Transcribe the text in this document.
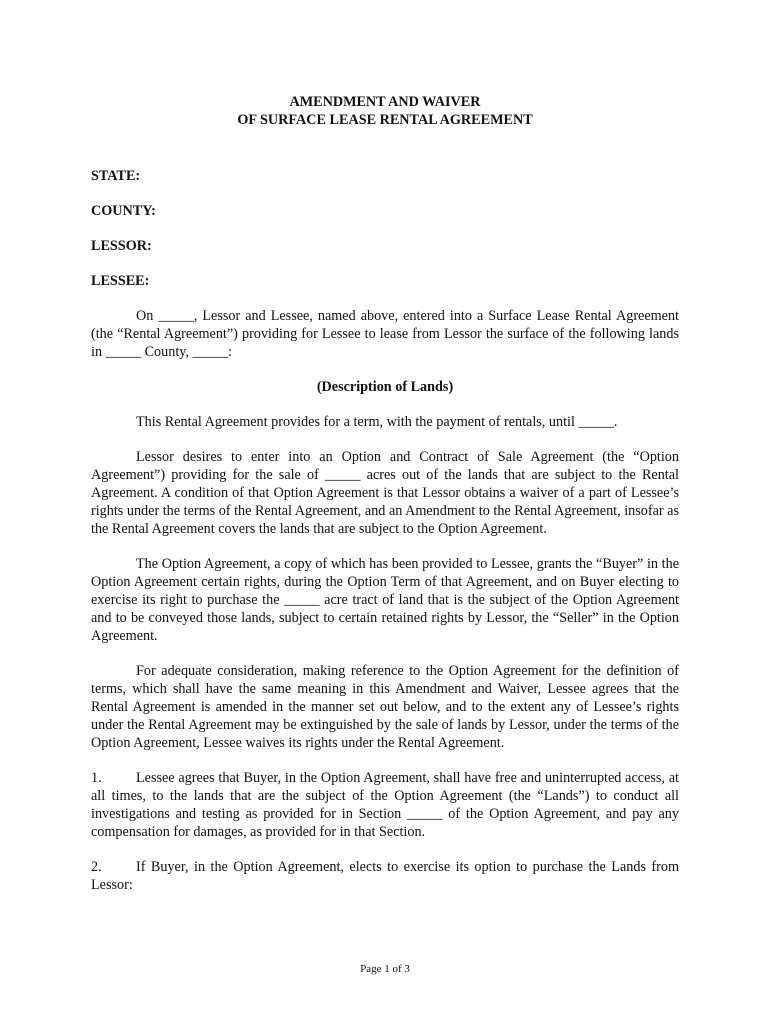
AMENDMENT AND WAIVER
OF SURFACE LEASE RENTAL AGREEMENT
STATE:
COUNTY:
LESSOR:
LESSEE:
On _____, Lessor and Lessee, named above, entered into a Surface Lease Rental Agreement (the “Rental Agreement”) providing for Lessee to lease from Lessor the surface of the following lands in _____ County, _____:
(Description of Lands)
This Rental Agreement provides for a term, with the payment of rentals, until _____.
Lessor desires to enter into an Option and Contract of Sale Agreement (the “Option Agreement”) providing for the sale of _____ acres out of the lands that are subject to the Rental Agreement. A condition of that Option Agreement is that Lessor obtains a waiver of a part of Lessee’s rights under the terms of the Rental Agreement, and an Amendment to the Rental Agreement, insofar as the Rental Agreement covers the lands that are subject to the Option Agreement.
The Option Agreement, a copy of which has been provided to Lessee, grants the “Buyer” in the Option Agreement certain rights, during the Option Term of that Agreement, and on Buyer electing to exercise its right to purchase the _____ acre tract of land that is the subject of the Option Agreement and to be conveyed those lands, subject to certain retained rights by Lessor, the “Seller” in the Option Agreement.
For adequate consideration, making reference to the Option Agreement for the definition of terms, which shall have the same meaning in this Amendment and Waiver, Lessee agrees that the Rental Agreement is amended in the manner set out below, and to the extent any of Lessee’s rights under the Rental Agreement may be extinguished by the sale of lands by Lessor, under the terms of the Option Agreement, Lessee waives its rights under the Rental Agreement.
1. Lessee agrees that Buyer, in the Option Agreement, shall have free and uninterrupted access, at all times, to the lands that are the subject of the Option Agreement (the “Lands”) to conduct all investigations and testing as provided for in Section _____ of the Option Agreement, and pay any compensation for damages, as provided for in that Section.
2. If Buyer, in the Option Agreement, elects to exercise its option to purchase the Lands from Lessor:
Page 1 of 3
